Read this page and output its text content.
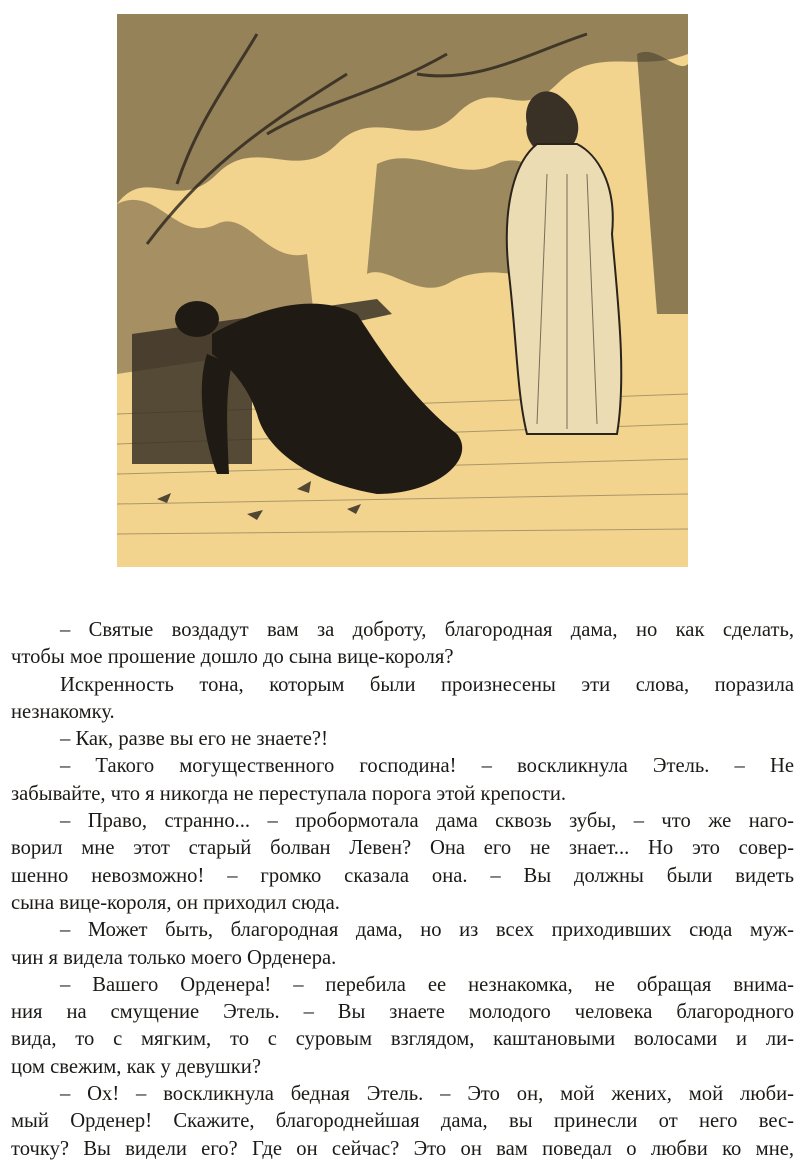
– Святые воздадут вам за доброту, благородная дама, но как сделать,
чтобы мое прошение дошло до сына вице-короля?

Искренность тона, которым были произнесены эти слова, поразила
незнакомку.

– Как, разве вы его не знаете?!

– Такого могущественного господина! – воскликнула Этель. – Не
забывайте, что я никогда не переступала порога этой крепости.

– Право, странно... – пробормотала дама сквозь зубы, – что же наго-
ворил мне этот старый болван Левен? Она его не знает... Но это совер-
шенно невозможно! – громко сказала она. – Вы должны были видеть
сына вице-короля, он приходил сюда.

– Может быть, благородная дама, но из всех приходивших сюда муж-
чин я видела только моего Орденера.

– Вашего Орденера! – перебила ее незнакомка, не обращая внима-
ния на смущение Этель. – Вы знаете молодого человека благородного
вида, то с мягким, то с суровым взглядом, каштановыми волосами и ли-
цом свежим, как у девушки?

– Ох! – воскликнула бедная Этель. – Это он, мой жених, мой люби-
мый Орденер! Скажите, благороднейшая дама, вы принесли от него вес-
точку? Вы видели его? Где он сейчас? Это он вам поведал о любви ко мне,
